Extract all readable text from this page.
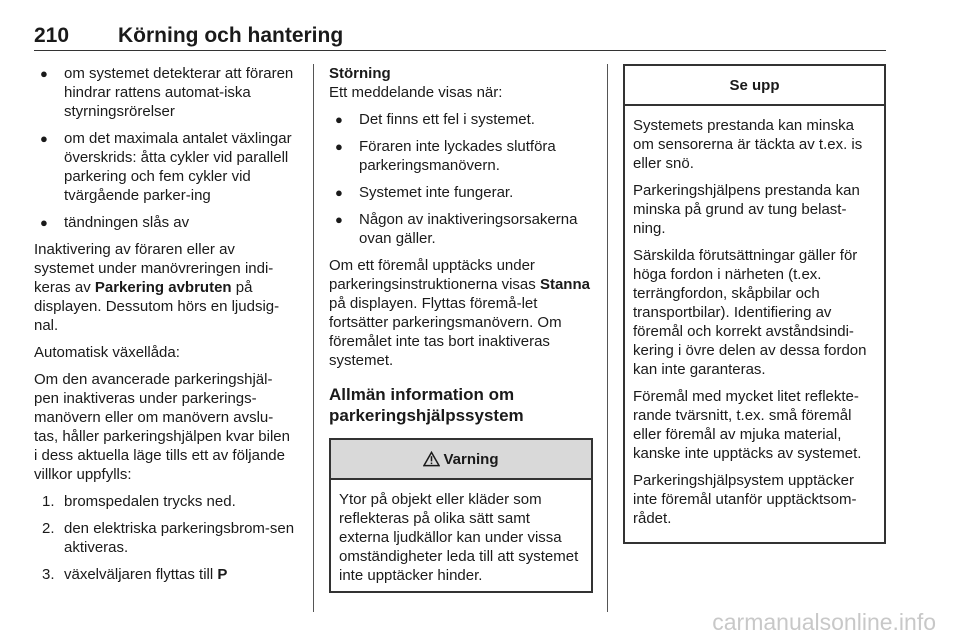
210 Körning och hantering
● om systemet detekterar att föraren hindrar rattens automat-iska styrningsrörelser
● om det maximala antalet växlingar överskrids: åtta cykler vid parallell parkering och fem cykler vid tvärgående parker-ing
● tändningen slås av

Inaktivering av föraren eller av systemet under manövreringen indi-keras av Parkering avbruten på displayen. Dessutom hörs en ljudsig-nal.

Automatisk växellåda:

Om den avancerade parkeringshjäl-pen inaktiveras under parkerings-manövern eller om manövern avslu-tas, håller parkeringshjälpen kvar bilen i dess aktuella läge tills ett av följande villkor uppfylls:

1. bromspedalen trycks ned.
2. den elektriska parkeringsbrom-sen aktiveras.
3. växelväljaren flyttas till P

Störning

Ett meddelande visas när:

● Det finns ett fel i systemet.
● Föraren inte lyckades slutföra parkeringsmanövern.
● Systemet inte fungerar.
● Någon av inaktiveringsorsakerna ovan gäller.

Om ett föremål upptäcks under parkeringsinstruktionerna visas Stanna på displayen. Flyttas föremå-let fortsätter parkeringsmanövern. Om föremålet inte tas bort inaktiveras systemet.

Allmän information om parkeringshjälpssystem
Varning

Ytor på objekt eller kläder som reflekteras på olika sätt samt externa ljudkällor kan under vissa omständigheter leda till att systemet inte upptäcker hinder.

Se upp

Systemets prestanda kan minska om sensorerna är täckta av t.ex. is eller snö.

Parkeringshjälpens prestanda kan minska på grund av tung belast-ning.

Särskilda förutsättningar gäller för höga fordon i närheten (t.ex. terrängfordon, skåpbilar och transportbilar). Identifiering av föremål och korrekt avståndsindi-kering i övre delen av dessa fordon kan inte garanteras.

Föremål med mycket litet reflekte-rande tvärsnitt, t.ex. små föremål eller föremål av mjuka material, kanske inte upptäcks av systemet.

Parkeringshjälpsystem upptäcker inte föremål utanför upptäcktsom-rådet.

carmanualsonline.info
